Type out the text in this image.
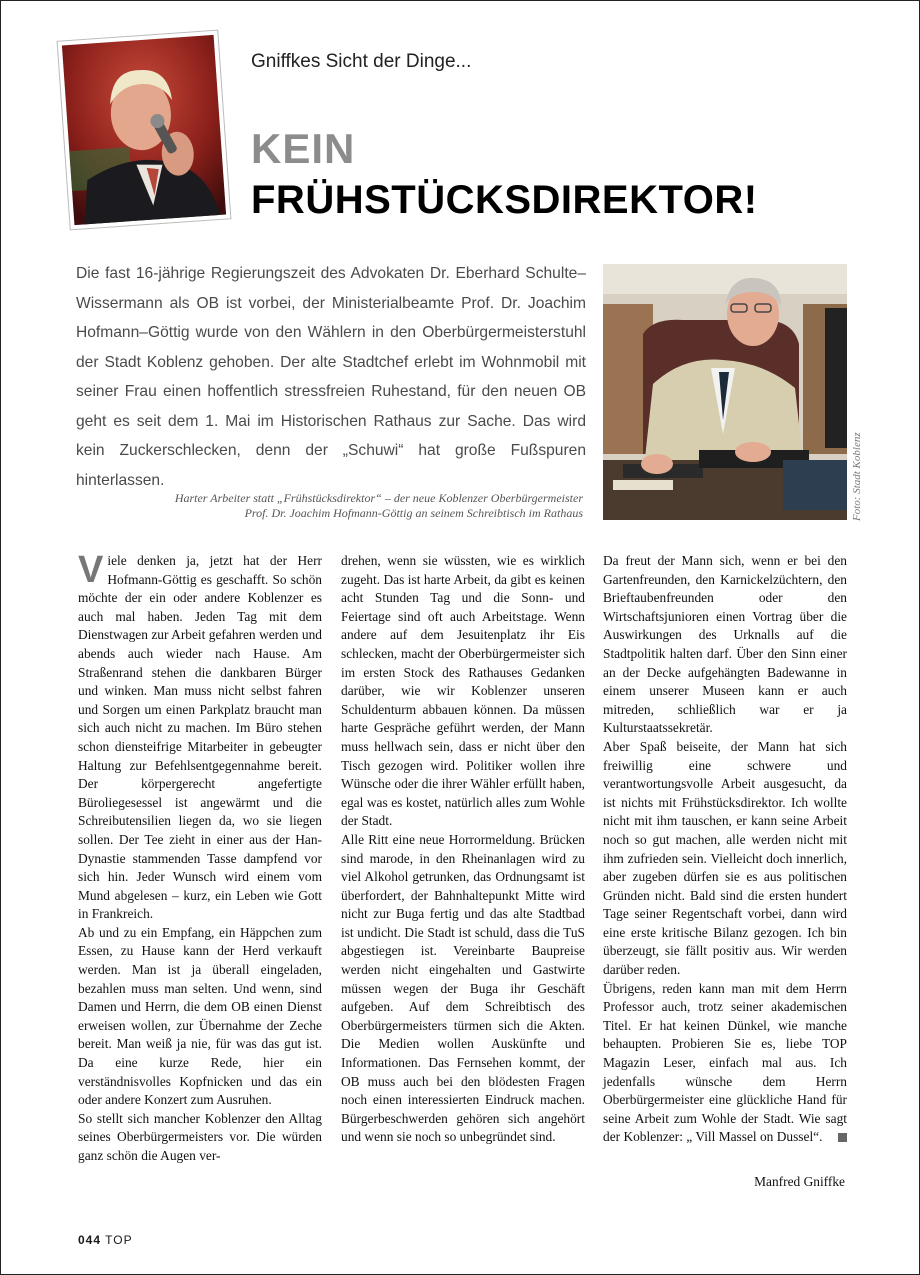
Gniffkes Sicht der Dinge...
KEIN
FRÜHSTÜCKSDIREKTOR!

Die fast 16-jährige Regierungszeit des Advokaten Dr. Eberhard Schulte–Wissermann als OB ist vorbei, der Ministerialbeamte Prof. Dr. Joachim Hofmann–Göttig wurde von den Wählern in den Oberbürgermeisterstuhl der Stadt Koblenz gehoben. Der alte Stadtchef erlebt im Wohnmobil mit seiner Frau einen hoffentlich stressfreien Ruhestand, für den neuen OB geht es seit dem 1. Mai im Historischen Rathaus zur Sache. Das wird kein Zuckerschlecken, denn der „Schuwi“ hat große Fußspuren hinterlassen.

Harter Arbeiter statt „Frühstücksdirektor“ – der neue Koblenzer Oberbürgermeister
Prof. Dr. Joachim Hofmann-Göttig an seinem Schreibtisch im Rathaus	Foto: Stadt Koblenz

Viele denken ja, jetzt hat der Herr Hofmann-Göttig es geschafft. So schön möchte der ein oder andere Koblenzer es auch mal haben. Jeden Tag mit dem Dienstwagen zur Arbeit gefahren werden und abends auch wieder nach Hause. Am Straßenrand stehen die dankbaren Bürger und winken. Man muss nicht selbst fahren und Sorgen um einen Parkplatz braucht man sich auch nicht zu machen. Im Büro stehen schon diensteifrige Mitarbeiter in gebeugter Haltung zur Befehlsentgegennahme bereit. Der körpergerecht angefertigte Büroliegesessel ist angewärmt und die Schreibutensilien liegen da, wo sie liegen sollen. Der Tee zieht in einer aus der Han-Dynastie stammenden Tasse dampfend vor sich hin. Jeder Wunsch wird einem vom Mund abgelesen – kurz, ein Leben wie Gott in Frankreich.

Ab und zu ein Empfang, ein Häppchen zum Essen, zu Hause kann der Herd verkauft werden. Man ist ja überall eingeladen, bezahlen muss man selten. Und wenn, sind Damen und Herrn, die dem OB einen Dienst erweisen wollen, zur Übernahme der Zeche bereit. Man weiß ja nie, für was das gut ist. Da eine kurze Rede, hier ein verständnisvolles Kopfnicken und das ein oder andere Konzert zum Ausruhen.

So stellt sich mancher Koblenzer den Alltag seines Oberbürgermeisters vor. Die würden ganz schön die Augen ver-

drehen, wenn sie wüssten, wie es wirklich zugeht. Das ist harte Arbeit, da gibt es keinen acht Stunden Tag und die Sonn- und Feiertage sind oft auch Arbeitstage. Wenn andere auf dem Jesuitenplatz ihr Eis schlecken, macht der Oberbürgermeister sich im ersten Stock des Rathauses Gedanken darüber, wie wir Koblenzer unseren Schuldenturm abbauen können. Da müssen harte Gespräche geführt werden, der Mann muss hellwach sein, dass er nicht über den Tisch gezogen wird. Politiker wollen ihre Wünsche oder die ihrer Wähler erfüllt haben, egal was es kostet, natürlich alles zum Wohle der Stadt.

Alle Ritt eine neue Horrormeldung. Brücken sind marode, in den Rheinanlagen wird zu viel Alkohol getrunken, das Ordnungsamt ist überfordert, der Bahnhaltepunkt Mitte wird nicht zur Buga fertig und das alte Stadtbad ist undicht. Die Stadt ist schuld, dass die TuS abgestiegen ist. Vereinbarte Baupreise werden nicht eingehalten und Gastwirte müssen wegen der Buga ihr Geschäft aufgeben. Auf dem Schreibtisch des Oberbürgermeisters türmen sich die Akten. Die Medien wollen Auskünfte und Informationen. Das Fernsehen kommt, der OB muss auch bei den blödesten Fragen noch einen interessierten Eindruck machen. Bürgerbeschwerden gehören sich angehört und wenn sie noch so unbegründet sind.

Da freut der Mann sich, wenn er bei den Gartenfreunden, den Karnickelzüchtern, den Brieftaubenfreunden oder den Wirtschaftsjunioren einen Vortrag über die Auswirkungen des Urknalls auf die Stadtpolitik halten darf. Über den Sinn einer an der Decke aufgehängten Badewanne in einem unserer Museen kann er auch mitreden, schließlich war er ja Kulturstaatssekretär.

Aber Spaß beiseite, der Mann hat sich freiwillig eine schwere und verantwortungsvolle Arbeit ausgesucht, da ist nichts mit Frühstücksdirektor. Ich wollte nicht mit ihm tauschen, er kann seine Arbeit noch so gut machen, alle werden nicht mit ihm zufrieden sein. Vielleicht doch innerlich, aber zugeben dürfen sie es aus politischen Gründen nicht. Bald sind die ersten hundert Tage seiner Regentschaft vorbei, dann wird eine erste kritische Bilanz gezogen. Ich bin überzeugt, sie fällt positiv aus. Wir werden darüber reden.

Übrigens, reden kann man mit dem Herrn Professor auch, trotz seiner akademischen Titel. Er hat keinen Dünkel, wie manche behaupten. Probieren Sie es, liebe TOP Magazin Leser, einfach mal aus. Ich jedenfalls wünsche dem Herrn Oberbürgermeister eine glückliche Hand für seine Arbeit zum Wohle der Stadt. Wie sagt der Koblenzer: „ Vill Massel on Dussel“.

Manfred Gniffke
044 TOP
